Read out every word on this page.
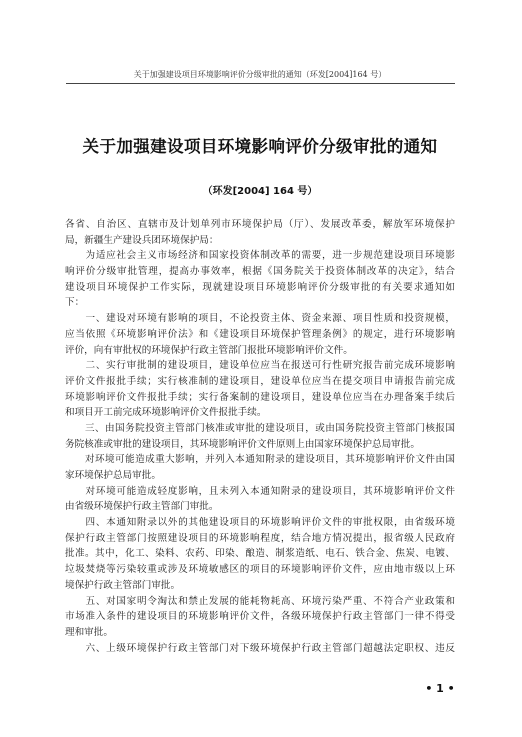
关于加强建设项目环境影响评价分级审批的通知（环发[2004]164 号）
关于加强建设项目环境影响评价分级审批的通知
（环发[2004] 164 号）
各省、自治区、直辖市及计划单列市环境保护局（厅）、发展改革委，解放军环境保护
局，新疆生产建设兵团环境保护局：
　　为适应社会主义市场经济和国家投资体制改革的需要，进一步规范建设项目环境影
响评价分级审批管理，提高办事效率，根据《国务院关于投资体制改革的决定》，结合
建设项目环境保护工作实际，现就建设项目环境影响评价分级审批的有关要求通知如
下：
　　一、建设对环境有影响的项目，不论投资主体、资金来源、项目性质和投资规模，
应当依照《环境影响评价法》和《建设项目环境保护管理条例》的规定，进行环境影响
评价，向有审批权的环境保护行政主管部门报批环境影响评价文件。
　　二、实行审批制的建设项目，建设单位应当在报送可行性研究报告前完成环境影响
评价文件报批手续；实行核准制的建设项目，建设单位应当在提交项目申请报告前完成
环境影响评价文件报批手续；实行备案制的建设项目，建设单位应当在办理备案手续后
和项目开工前完成环境影响评价文件报批手续。
　　三、由国务院投资主管部门核准或审批的建设项目，或由国务院投资主管部门核报国
务院核准或审批的建设项目，其环境影响评价文件原则上由国家环境保护总局审批。
　　对环境可能造成重大影响，并列入本通知附录的建设项目，其环境影响评价文件由国
家环境保护总局审批。
　　对环境可能造成轻度影响，且未列入本通知附录的建设项目，其环境影响评价文件
由省级环境保护行政主管部门审批。
　　四、本通知附录以外的其他建设项目的环境影响评价文件的审批权限，由省级环境
保护行政主管部门按照建设项目的环境影响程度，结合地方情况提出，报省级人民政府
批准。其中，化工、染料、农药、印染、酿造、制浆造纸、电石、铁合金、焦炭、电镀、
垃圾焚烧等污染较重或涉及环境敏感区的项目的环境影响评价文件，应由地市级以上环
境保护行政主管部门审批。
　　五、对国家明令淘汰和禁止发展的能耗物耗高、环境污染严重、不符合产业政策和
市场准入条件的建设项目的环境影响评价文件，各级环境保护行政主管部门一律不得受
理和审批。
　　六、上级环境保护行政主管部门对下级环境保护行政主管部门超越法定职权、违反
• 1 •
